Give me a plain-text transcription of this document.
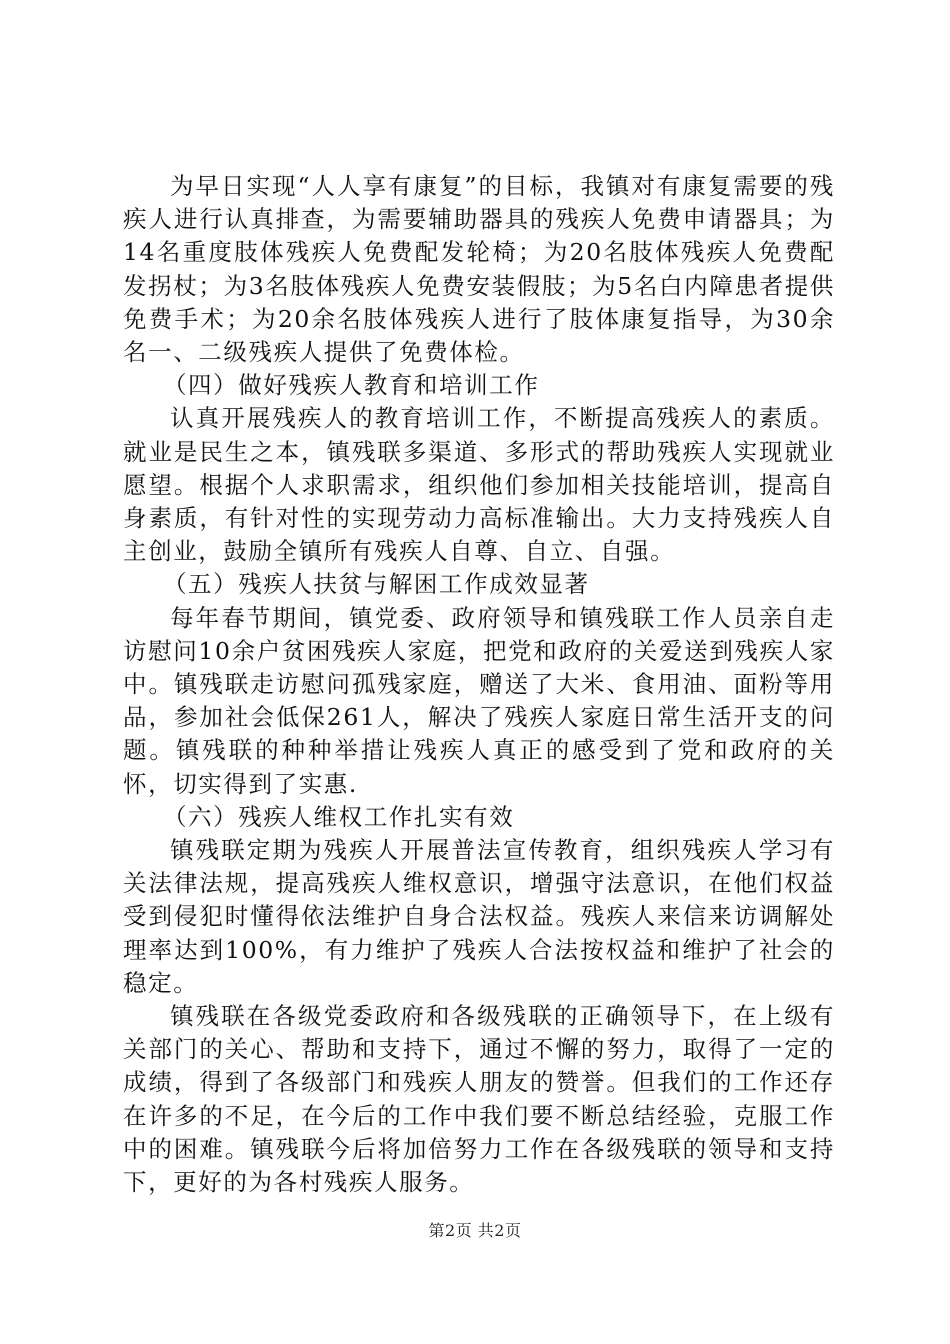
为早日实现“人人享有康复”的目标，我镇对有康复需要的残疾人进行认真排查，为需要辅助器具的残疾人免费申请器具；为14名重度肢体残疾人免费配发轮椅；为20名肢体残疾人免费配发拐杖；为3名肢体残疾人免费安装假肢；为5名白内障患者提供免费手术；为20余名肢体残疾人进行了肢体康复指导，为30余名一、二级残疾人提供了免费体检。

（四）做好残疾人教育和培训工作

认真开展残疾人的教育培训工作，不断提高残疾人的素质。就业是民生之本，镇残联多渠道、多形式的帮助残疾人实现就业愿望。根据个人求职需求，组织他们参加相关技能培训，提高自身素质，有针对性的实现劳动力高标准输出。大力支持残疾人自主创业，鼓励全镇所有残疾人自尊、自立、自强。

（五）残疾人扶贫与解困工作成效显著

每年春节期间，镇党委、政府领导和镇残联工作人员亲自走访慰问10余户贫困残疾人家庭，把党和政府的关爱送到残疾人家中。镇残联走访慰问孤残家庭，赠送了大米、食用油、面粉等用品，参加社会低保261人，解决了残疾人家庭日常生活开支的问题。镇残联的种种举措让残疾人真正的感受到了党和政府的关怀，切实得到了实惠.

（六）残疾人维权工作扎实有效

镇残联定期为残疾人开展普法宣传教育，组织残疾人学习有关法律法规，提高残疾人维权意识，增强守法意识，在他们权益受到侵犯时懂得依法维护自身合法权益。残疾人来信来访调解处理率达到100%，有力维护了残疾人合法按权益和维护了社会的稳定。

镇残联在各级党委政府和各级残联的正确领导下，在上级有关部门的关心、帮助和支持下，通过不懈的努力，取得了一定的成绩，得到了各级部门和残疾人朋友的赞誉。但我们的工作还存在许多的不足，在今后的工作中我们要不断总结经验，克服工作中的困难。镇残联今后将加倍努力工作在各级残联的领导和支持下，更好的为各村残疾人服务。

第2页 共2页
